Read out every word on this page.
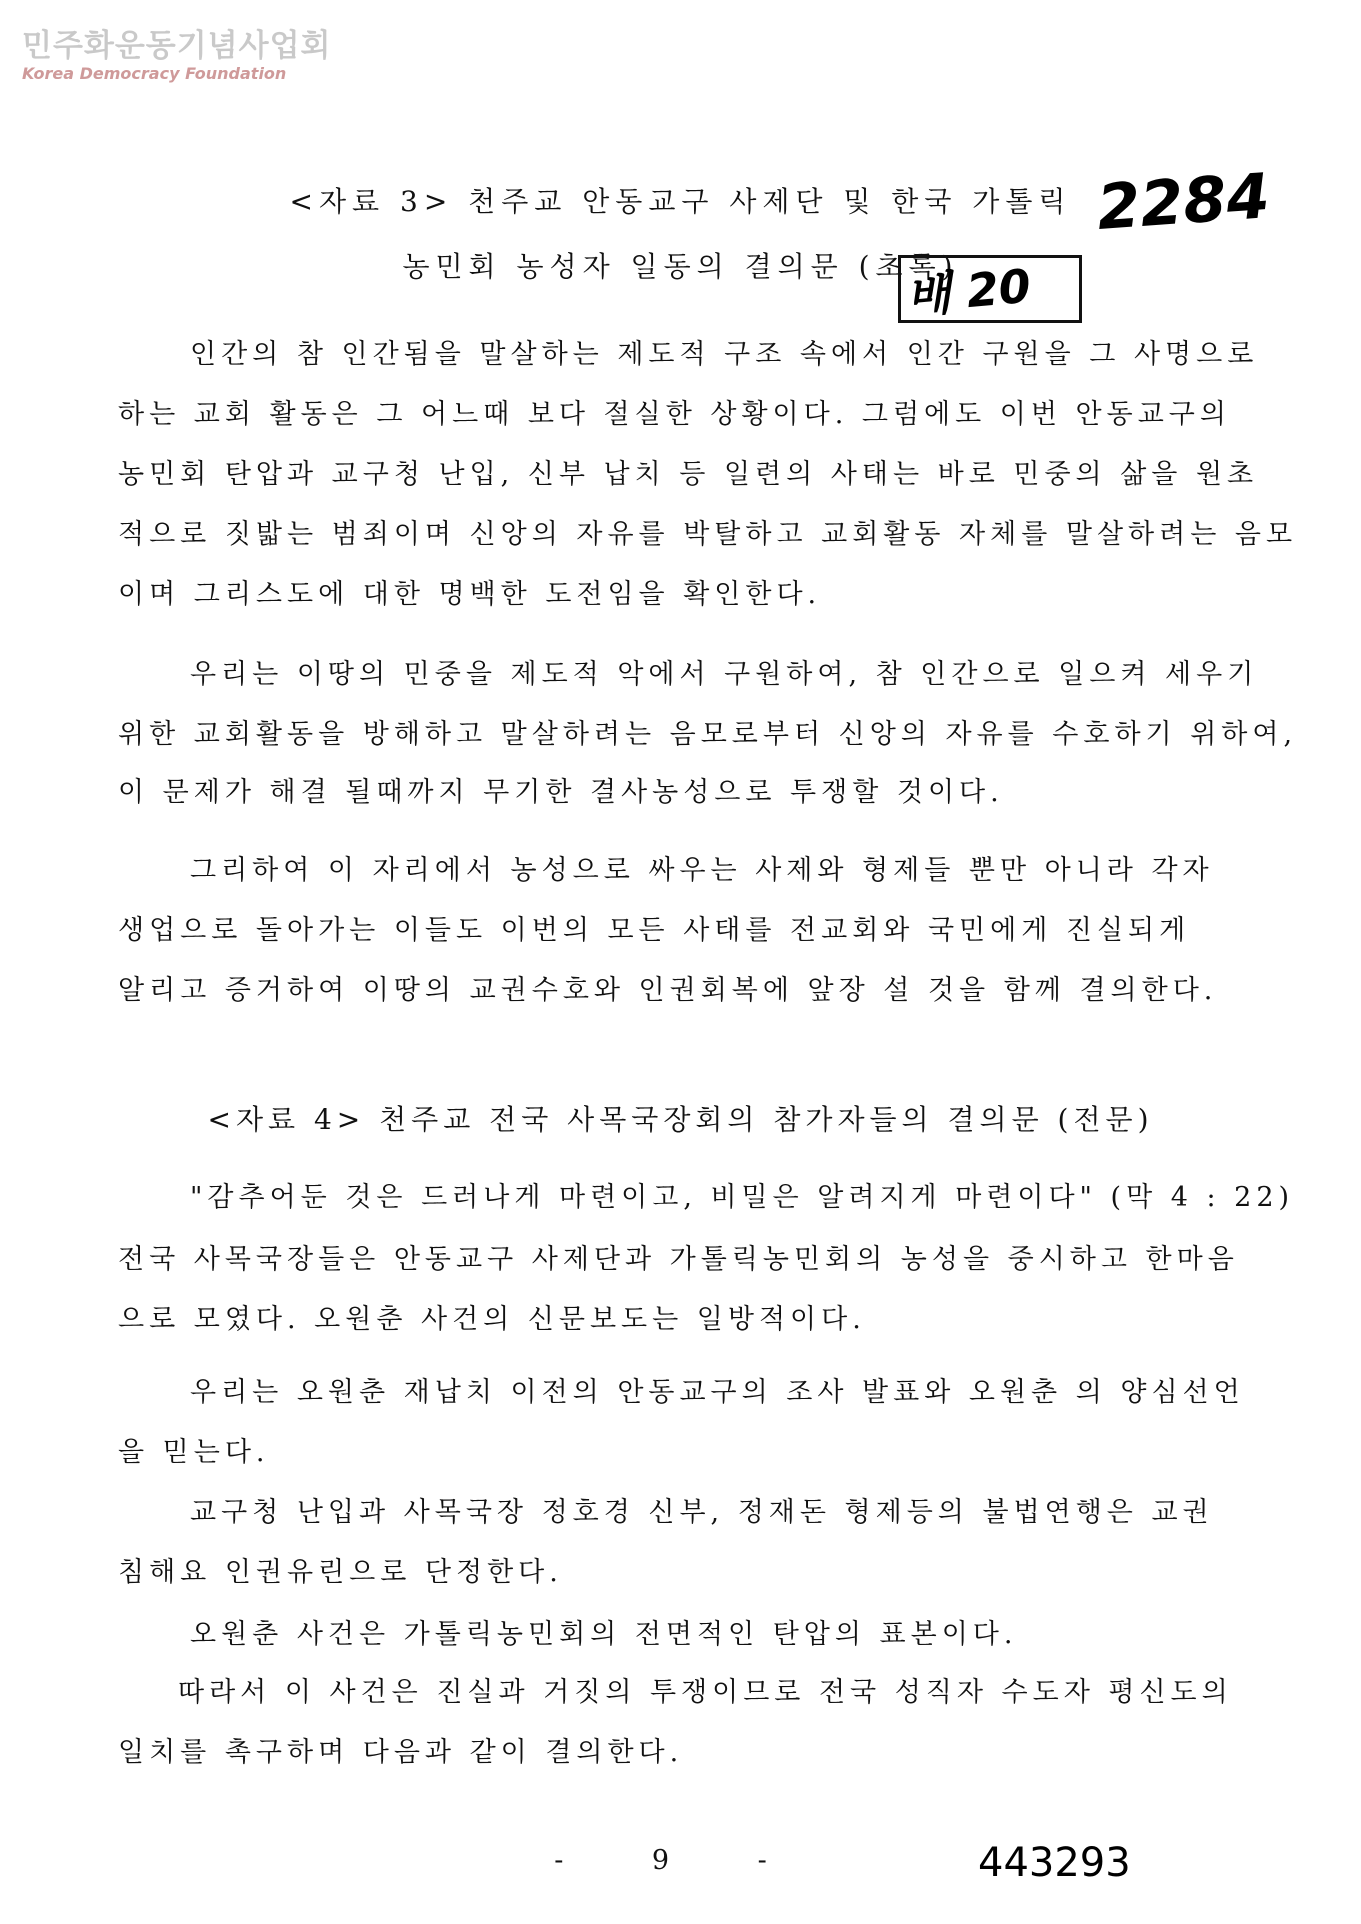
민주화운동기념사업회
Korea Democracy Foundation
2284
<자료 3> 천주교 안동교구 사제단 및 한국 가톨릭
농민회 농성자 일동의 결의문 (초록)
배 20
인간의 참 인간됨을 말살하는 제도적 구조 속에서 인간 구원을 그 사명으로
하는 교회 활동은 그 어느때 보다 절실한 상황이다. 그럼에도 이번 안동교구의
농민회 탄압과 교구청 난입, 신부 납치 등 일련의 사태는 바로 민중의 삶을 원초
적으로 짓밟는 범죄이며 신앙의 자유를 박탈하고 교회활동 자체를 말살하려는 음모
이며 그리스도에 대한 명백한 도전임을 확인한다.
우리는 이땅의 민중을 제도적 악에서 구원하여, 참 인간으로 일으켜 세우기
위한 교회활동을 방해하고 말살하려는 음모로부터 신앙의 자유를 수호하기 위하여,
이 문제가 해결 될때까지 무기한 결사농성으로 투쟁할 것이다.
그리하여 이 자리에서 농성으로 싸우는 사제와 형제들 뿐만 아니라 각자
생업으로 돌아가는 이들도 이번의 모든 사태를 전교회와 국민에게 진실되게
알리고 증거하여 이땅의 교권수호와 인권회복에 앞장 설 것을 함께 결의한다.
<자료 4> 천주교 전국 사목국장회의 참가자들의 결의문 (전문)
"감추어둔 것은 드러나게 마련이고, 비밀은 알려지게 마련이다" (막 4 : 22)
전국 사목국장들은 안동교구 사제단과 가톨릭농민회의 농성을 중시하고 한마음
으로 모였다. 오원춘 사건의 신문보도는 일방적이다.
우리는 오원춘 재납치 이전의 안동교구의 조사 발표와 오원춘 의 양심선언
을 믿는다.
교구청 난입과 사목국장 정호경 신부, 정재돈 형제등의 불법연행은 교권
침해요 인권유린으로 단정한다.
오원춘 사건은 가톨릭농민회의 전면적인 탄압의 표본이다.
따라서 이 사건은 진실과 거짓의 투쟁이므로 전국 성직자 수도자 평신도의
일치를 촉구하며 다음과 같이 결의한다.
- 9 -	443293
